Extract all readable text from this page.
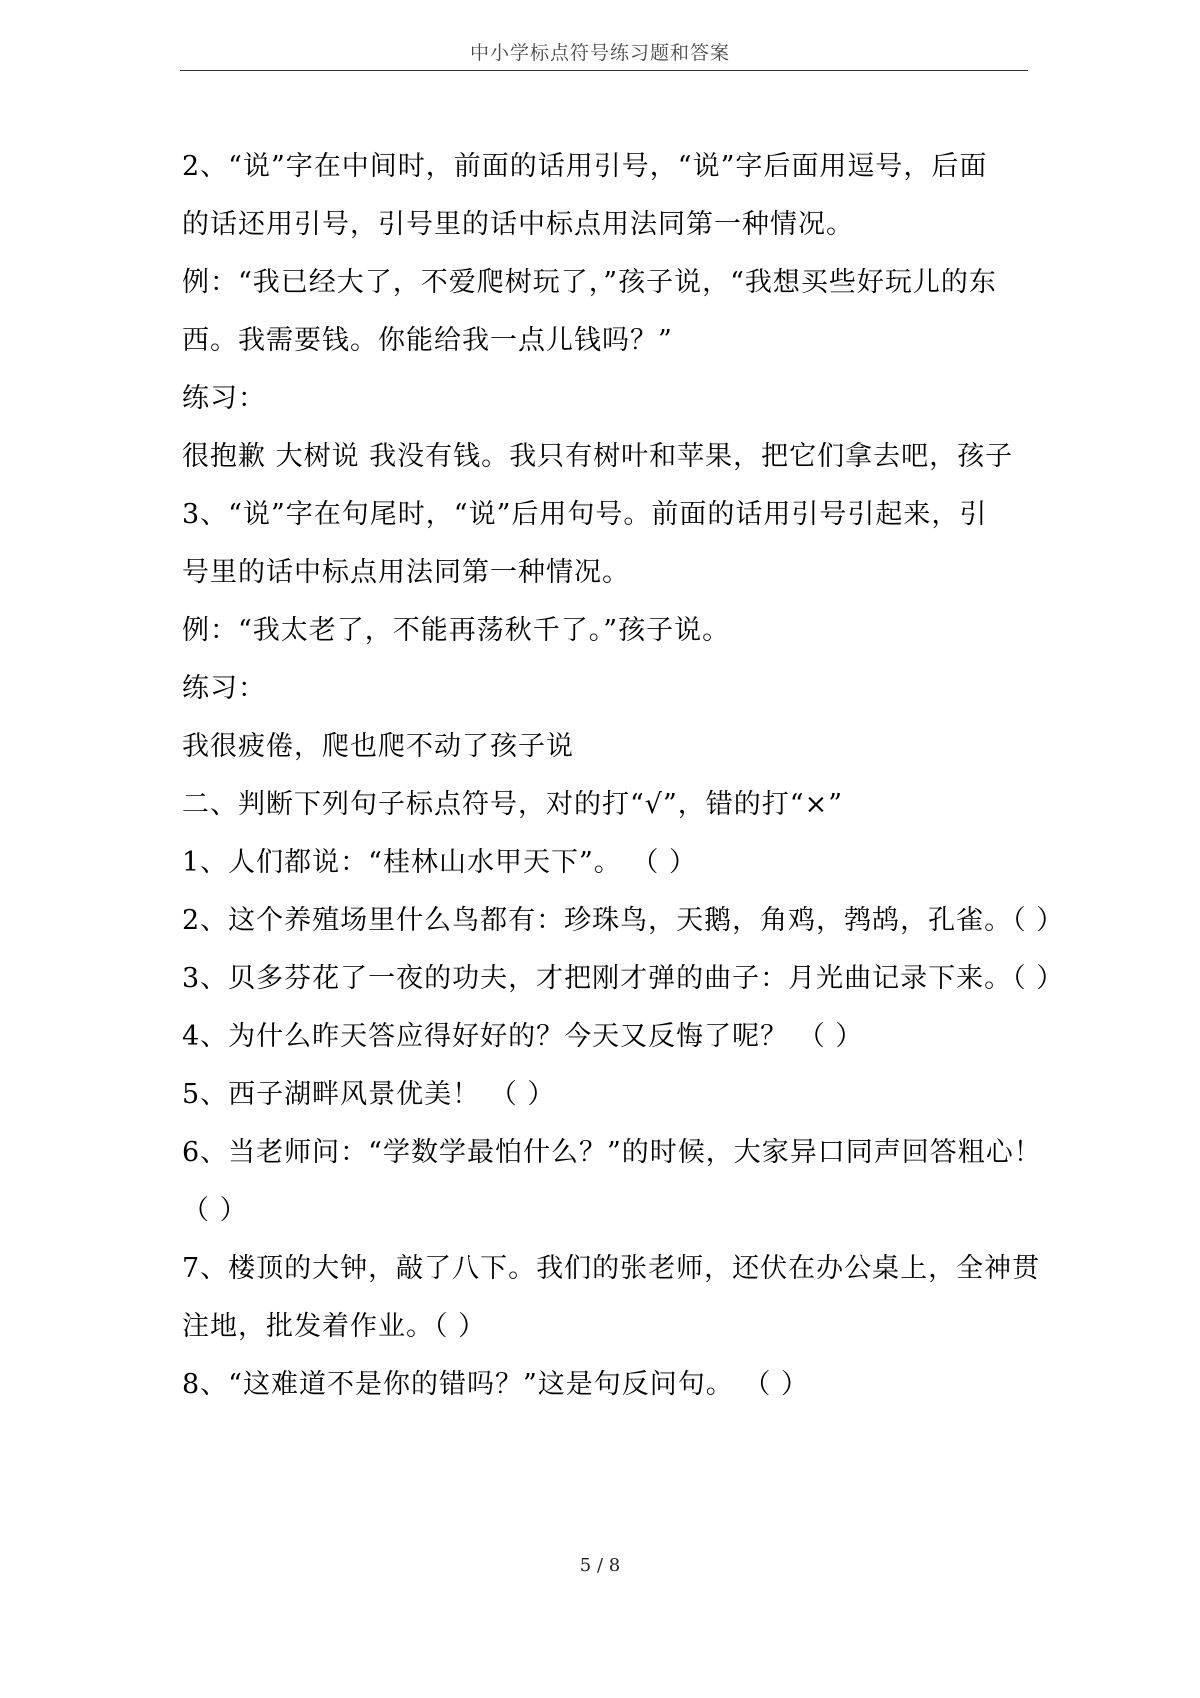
中小学标点符号练习题和答案
2、“说”字在中间时，前面的话用引号，“说”字后面用逗号，后面
的话还用引号，引号里的话中标点用法同第一种情况。
例：“我已经大了，不爱爬树玩了，”孩子说，“我想买些好玩儿的东
西。我需要钱。你能给我一点儿钱吗？”
练习：
很抱歉 大树说 我没有钱。我只有树叶和苹果，把它们拿去吧，孩子
3、“说”字在句尾时，“说”后用句号。前面的话用引号引起来，引
号里的话中标点用法同第一种情况。
例：“我太老了，不能再荡秋千了。”孩子说。
练习：
我很疲倦，爬也爬不动了孩子说
二、判断下列句子标点符号，对的打“√”，错的打“×”
1、人们都说：“桂林山水甲天下”。 （ ）
2、这个养殖场里什么鸟都有：珍珠鸟，天鹅，角鸡，鹁鸪，孔雀。（ ）
3、贝多芬花了一夜的功夫，才把刚才弹的曲子：月光曲记录下来。（ ）
4、为什么昨天答应得好好的？今天又反悔了呢？ （ ）
5、西子湖畔风景优美！ （ ）
6、当老师问：“学数学最怕什么？”的时候，大家异口同声回答粗心！
（ ）
7、楼顶的大钟，敲了八下。我们的张老师，还伏在办公桌上，全神贯
注地，批发着作业。（ ）
8、“这难道不是你的错吗？”这是句反问句。 （ ）
5 / 8
